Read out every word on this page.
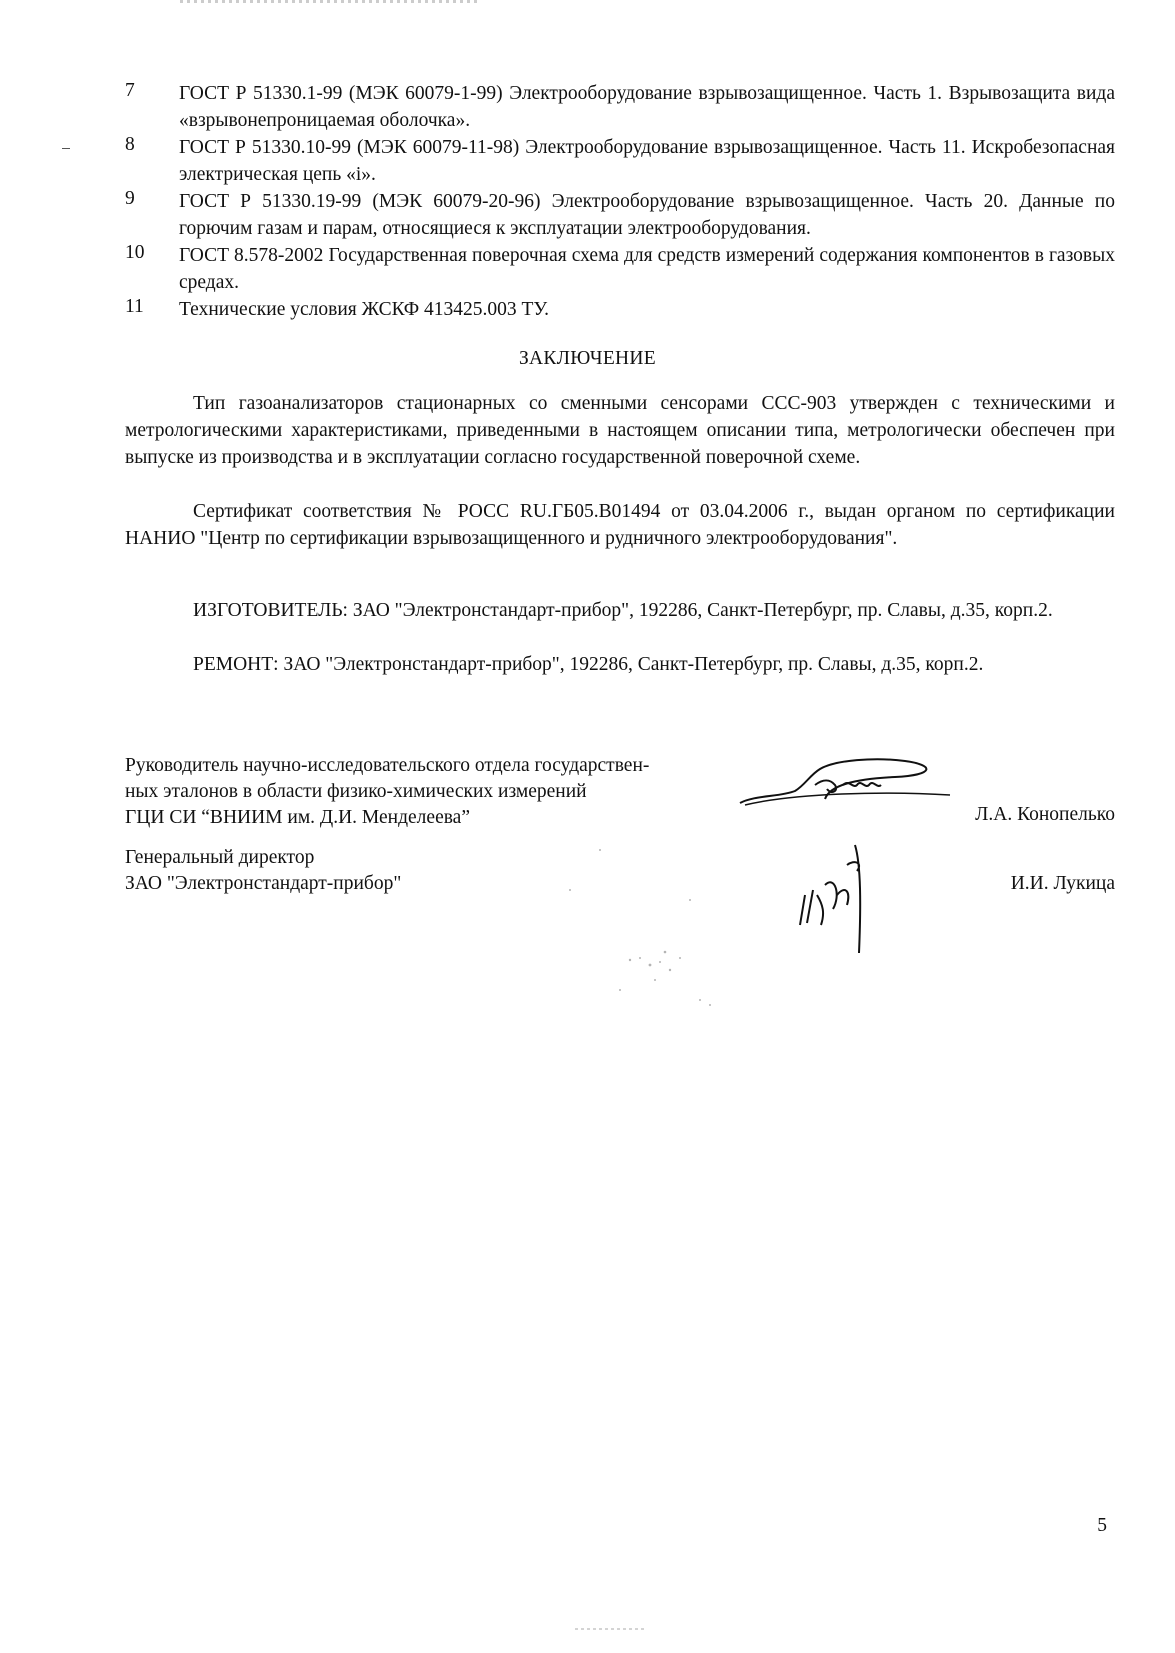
7	ГОСТ Р 51330.1-99 (МЭК 60079-1-99) Электрооборудование взрывозащищенное. Часть 1. Взрывозащита вида «взрывонепроницаемая оболочка».
8	ГОСТ Р 51330.10-99 (МЭК 60079-11-98) Электрооборудование взрывозащищенное. Часть 11. Искробезопасная электрическая цепь «i».
9	ГОСТ Р 51330.19-99 (МЭК 60079-20-96) Электрооборудование взрывозащищенное. Часть 20. Данные по горючим газам и парам, относящиеся к эксплуатации электрооборудования.
10	ГОСТ 8.578-2002 Государственная поверочная схема для средств измерений содержания компонентов в газовых средах.
11	Технические условия ЖСКФ 413425.003 ТУ.
ЗАКЛЮЧЕНИЕ
Тип газоанализаторов стационарных со сменными сенсорами ССС-903 утвержден с техническими и метрологическими характеристиками, приведенными в настоящем описании типа, метрологически обеспечен при выпуске из производства и в эксплуатации согласно государственной поверочной схеме.
Сертификат соответствия № РОСС RU.ГБ05.В01494 от 03.04.2006 г., выдан органом по сертификации НАНИО "Центр по сертификации взрывозащищенного и рудничного электрооборудования".
ИЗГОТОВИТЕЛЬ: ЗАО "Электронстандарт-прибор", 192286, Санкт-Петербург, пр. Славы, д.35, корп.2.
РЕМОНТ: ЗАО "Электронстандарт-прибор", 192286, Санкт-Петербург, пр. Славы, д.35, корп.2.
Руководитель научно-исследовательского отдела государствен-
ных эталонов в области физико-химических измерений
ГЦИ СИ “ВНИИМ им. Д.И. Менделеева”	Л.А. Конопелько
Генеральный директор
ЗАО "Электронстандарт-прибор"	И.И. Лукица
5
